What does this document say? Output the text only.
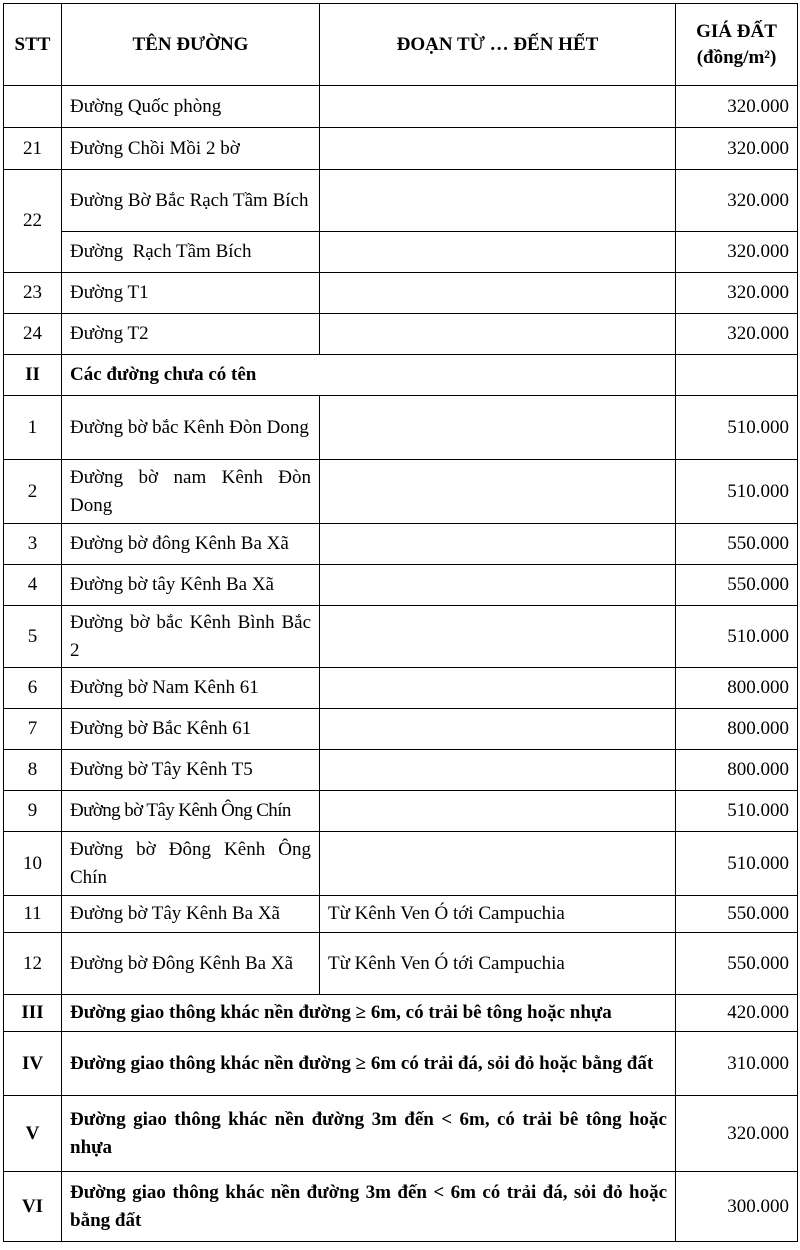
STT	TÊN ĐƯỜNG	ĐOẠN TỪ … ĐẾN HẾT	GIÁ ĐẤT
(đồng/m²)
	Đường Quốc phòng		320.000
21	Đường Chồi Mồi 2 bờ		320.000
22	Đường Bờ Bắc Rạch Tầm Bích		320.000
	Đường  Rạch Tầm Bích		320.000
23	Đường T1		320.000
24	Đường T2		320.000
II	Các đường chưa có tên		
1	Đường bờ bắc Kênh Đòn Dong		510.000
2	Đường bờ nam Kênh Đòn Dong		510.000
3	Đường bờ đông Kênh Ba Xã		550.000
4	Đường bờ tây Kênh Ba Xã		550.000
5	Đường bờ bắc Kênh Bình Bắc 2		510.000
6	Đường bờ Nam Kênh 61		800.000
7	Đường bờ Bắc Kênh 61		800.000
8	Đường bờ Tây Kênh T5		800.000
9	Đường bờ Tây Kênh Ông Chín		510.000
10	Đường bờ Đông Kênh Ông Chín		510.000
11	Đường bờ Tây Kênh Ba Xã	Từ Kênh Ven Ó tới Campuchia	550.000
12	Đường bờ Đông Kênh Ba Xã	Từ Kênh Ven Ó tới Campuchia	550.000
III	Đường giao thông khác nền đường ≥ 6m, có trải bê tông hoặc nhựa		420.000
IV	Đường giao thông khác nền đường ≥ 6m có trải đá, sỏi đỏ hoặc bằng đất		310.000
V	Đường giao thông khác nền đường 3m đến < 6m, có trải bê tông hoặc nhựa		320.000
VI	Đường giao thông khác nền đường 3m đến < 6m có trải đá, sỏi đỏ hoặc bằng đất		300.000
